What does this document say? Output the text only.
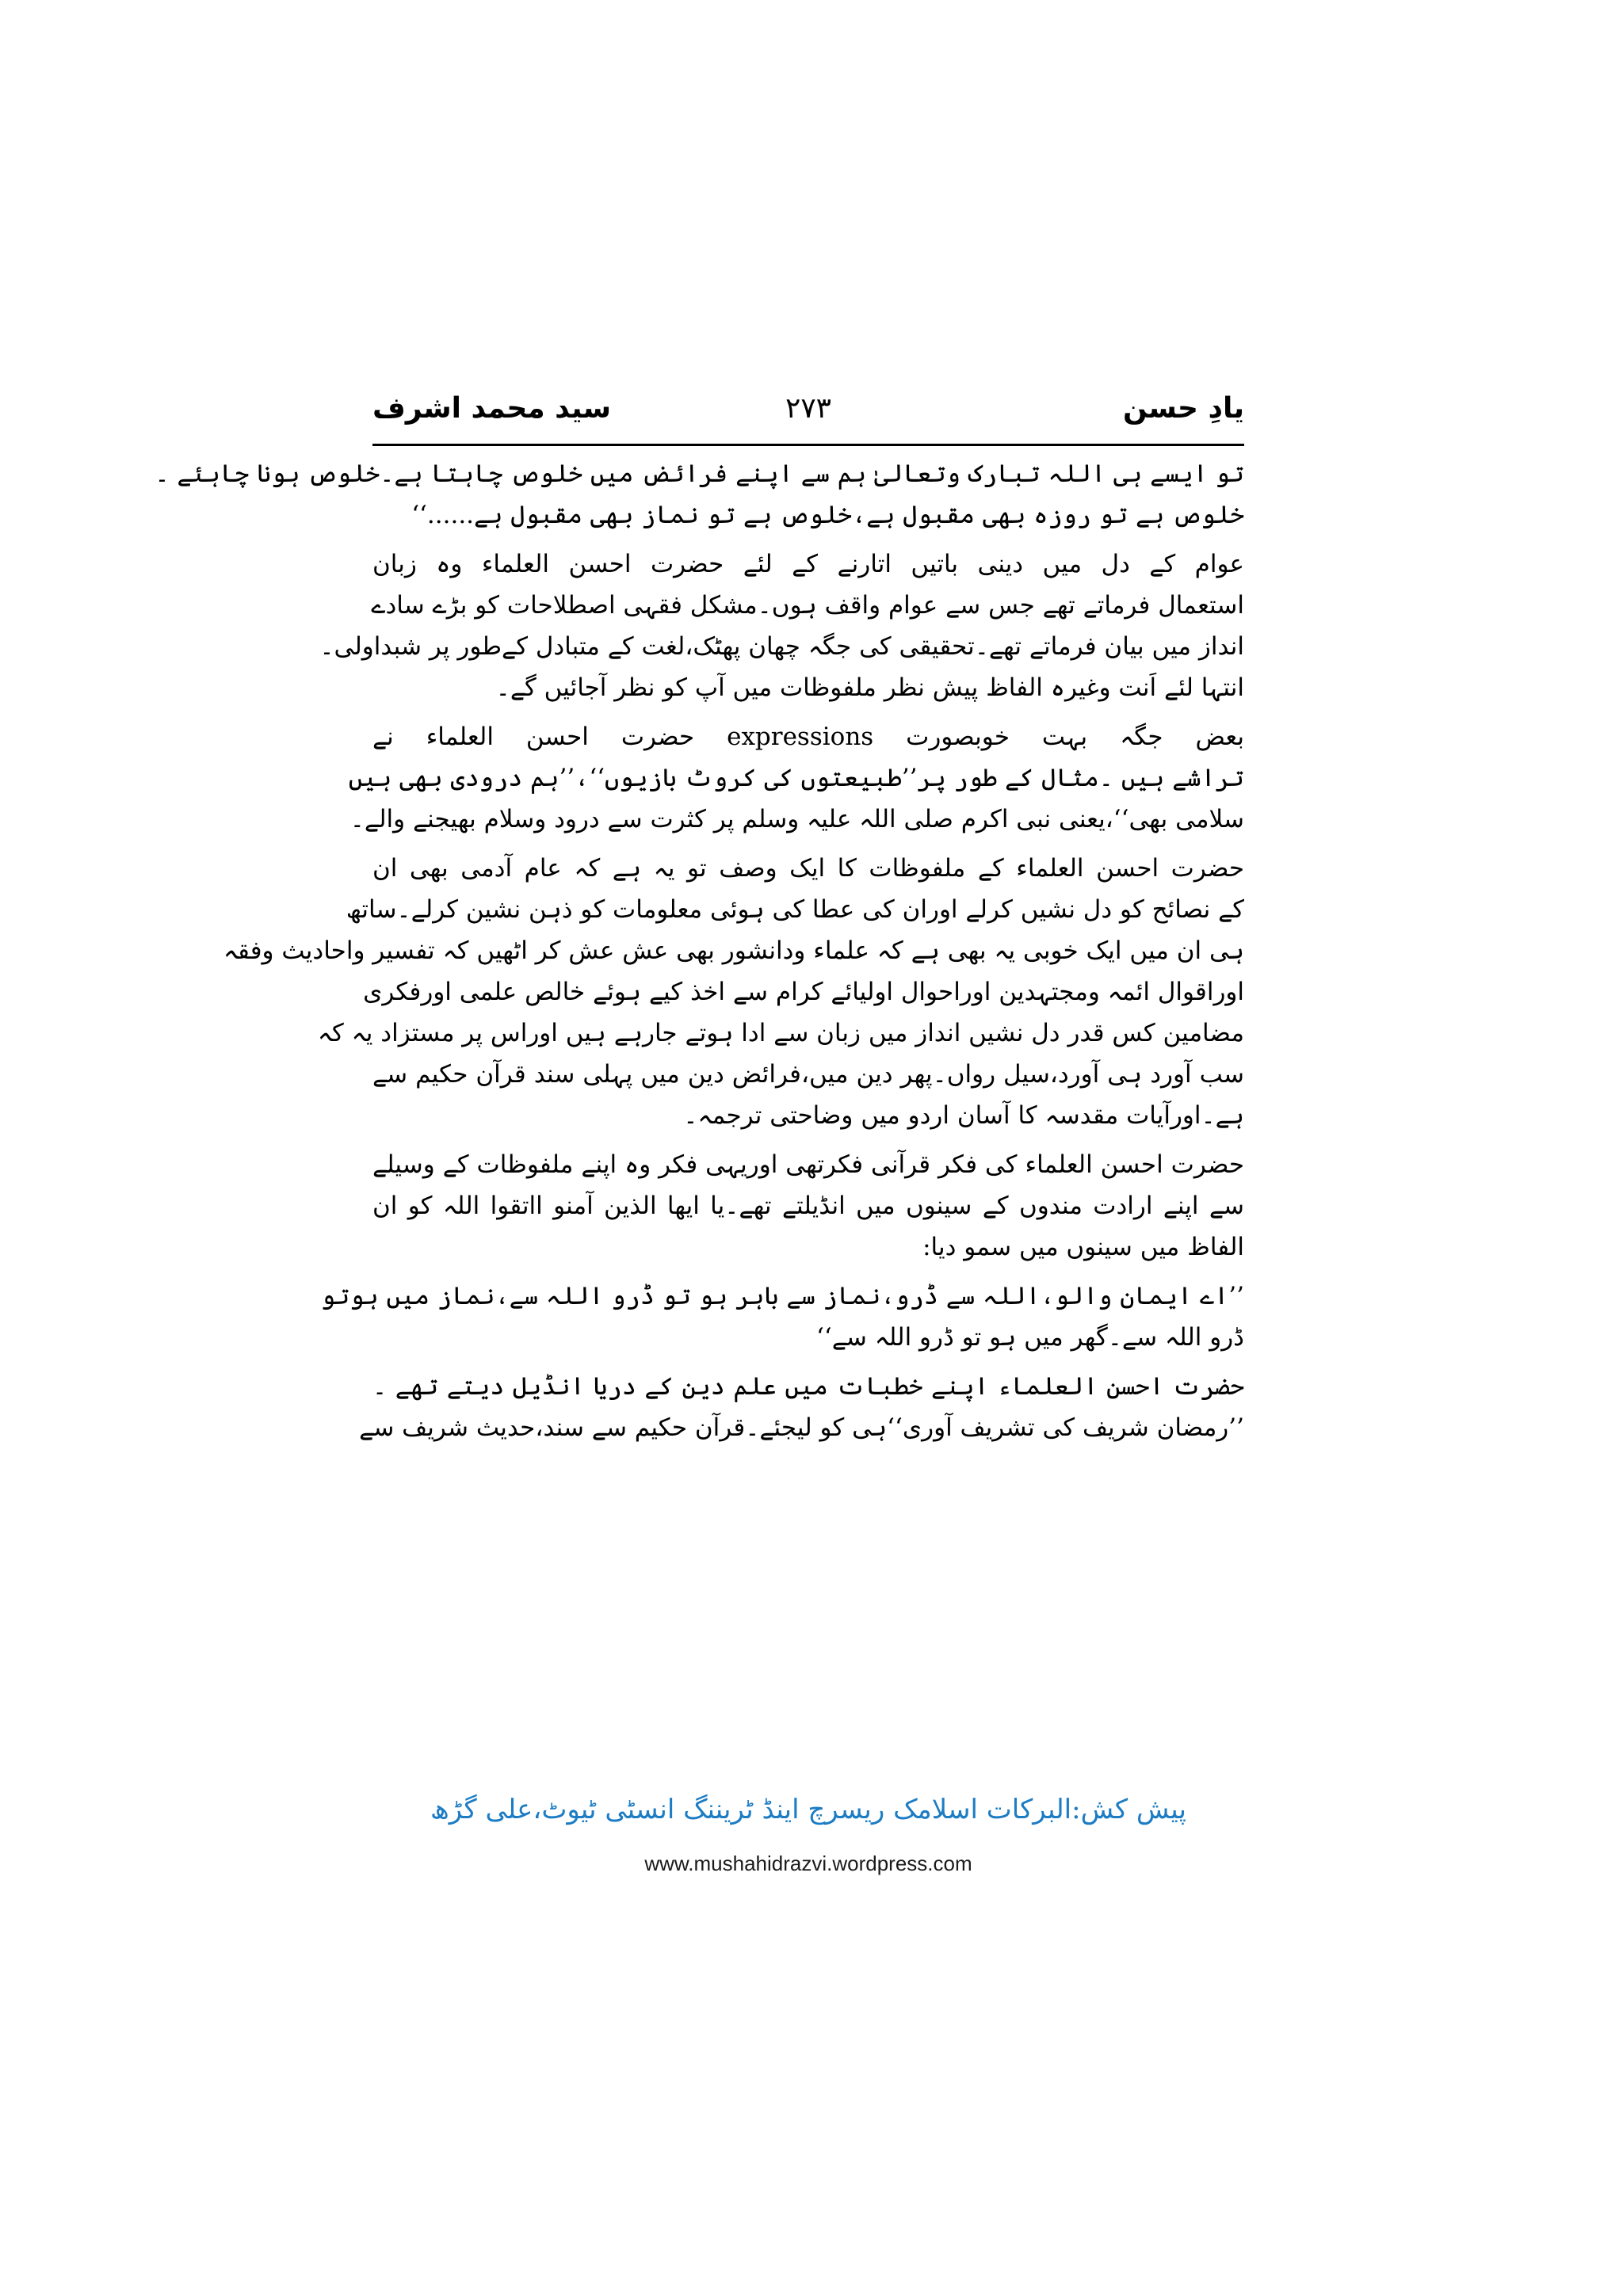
یادِ حسن
۲۷۳
سید محمد اشرف
تو ایسے ہی اللہ تبارک وتعالیٰ ہم سے اپنے فرائض میں خلوص چاہتا ہے۔خلوص ہونا چاہئے ۔
خلوص ہے تو روزہ بھی مقبول ہے،خلوص ہے تو نماز بھی مقبول ہے......‘‘
عوام کے دل میں دینی باتیں اتارنے کے لئے حضرت احسن العلماء وہ زبان
استعمال فرماتے تھے جس سے عوام واقف ہوں۔مشکل فقہی اصطلاحات کو بڑے سادے
انداز میں بیان فرماتے تھے۔تحقیقی کی جگہ چھان پھٹک،لغت کے متبادل کےطور پر شبداولی۔
انتہا لئے اَنت وغیرہ الفاظ پیش نظر ملفوظات میں آپ کو نظر آجائیں گے۔
بعض جگہ بہت خوبصورت expressions حضرت احسن العلماء نے
تراشے ہیں ۔مثال کے طور پر’’طبیعتوں کی کروٹ بازیوں‘‘،’’ہم درودی بھی ہیں
سلامی بھی‘‘،یعنی نبی اکرم صلی اللہ علیہ وسلم پر کثرت سے درود وسلام بھیجنے والے۔
حضرت احسن العلماء کے ملفوظات کا ایک وصف تو یہ ہے کہ عام آدمی بھی ان
کے نصائح کو دل نشیں کرلے اوران کی عطا کی ہوئی معلومات کو ذہن نشین کرلے۔ساتھ
ہی ان میں ایک خوبی یہ بھی ہے کہ علماء ودانشور بھی عش عش کر اٹھیں کہ تفسیر واحادیث وفقہ
اوراقوال ائمہ ومجتہدین اوراحوال اولیائے کرام سے اخذ کیے ہوئے خالص علمی اورفکری
مضامین کس قدر دل نشیں انداز میں زبان سے ادا ہوتے جارہے ہیں اوراس پر مستزاد یہ کہ
سب آورد ہی آورد،سیل رواں۔پھر دین میں،فرائض دین میں پہلی سند قرآن حکیم سے
ہے۔اورآیات مقدسہ کا آسان اردو میں وضاحتی ترجمہ۔
حضرت احسن العلماء کی فکر قرآنی فکرتھی اوریہی فکر وہ اپنے ملفوظات کے وسیلے
سے اپنے ارادت مندوں کے سینوں میں انڈیلتے تھے۔یا ایھا الذین آمنو ااتقوا اللہ کو ان
الفاظ میں سینوں میں سمو دیا:
’’اے ایمان والو،اللہ سے ڈرو،نماز سے باہر ہو تو ڈرو اللہ سے،نماز میں ہوتو
ڈرو اللہ سے۔گھر میں ہو تو ڈرو اللہ سے‘‘
حضرت احسن العلماء اپنے خطبات میں علم دین کے دریا انڈیل دیتے تھے ۔
’’رمضان شریف کی تشریف آوری‘‘ہی کو لیجئے۔قرآن حکیم سے سند،حدیث شریف سے
پیش کش:البرکات اسلامک ریسرچ اینڈ ٹریننگ انسٹی ٹیوٹ،علی گڑھ
www.mushahidrazvi.wordpress.com
